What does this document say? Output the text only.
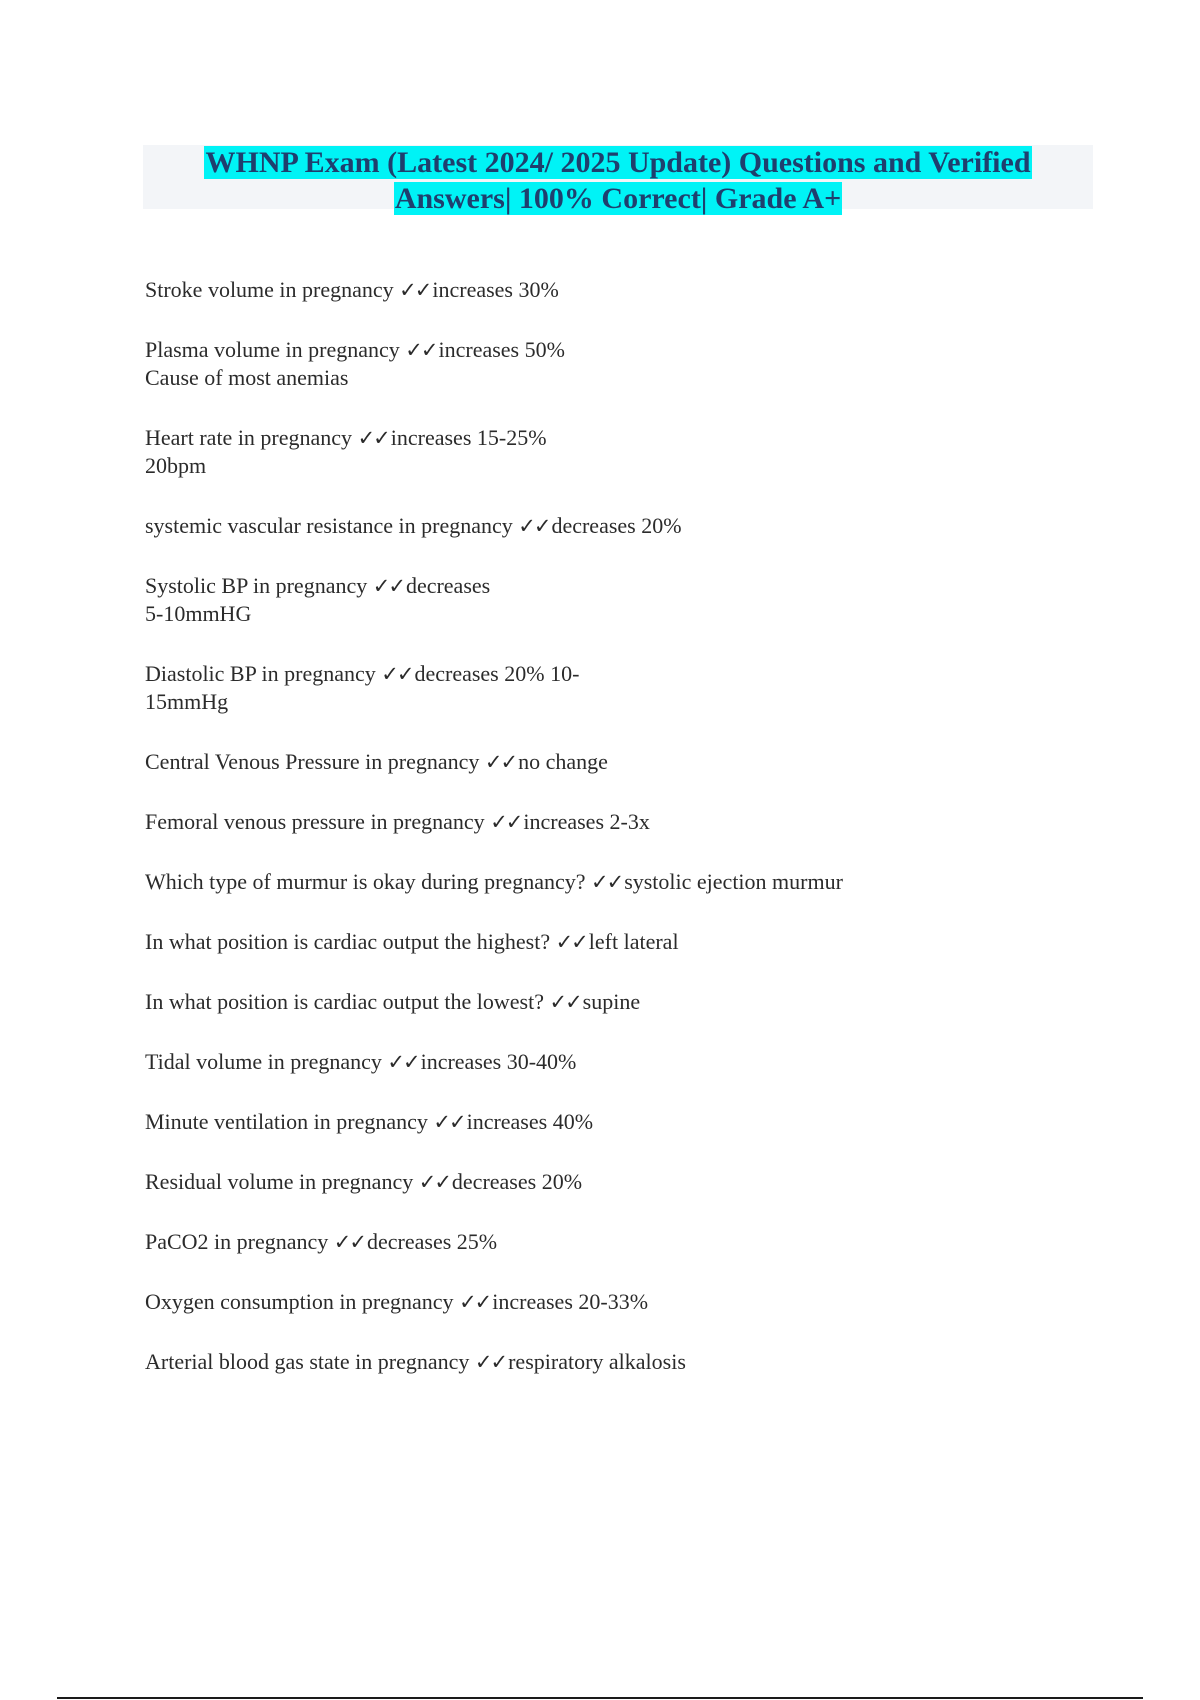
WHNP Exam (Latest 2024/ 2025 Update) Questions and Verified
Answers| 100% Correct| Grade A+
Stroke volume in pregnancy ✓✓increases 30%
Plasma volume in pregnancy ✓✓increases 50%
Cause of most anemias
Heart rate in pregnancy ✓✓increases 15-25%
20bpm
systemic vascular resistance in pregnancy ✓✓decreases 20%
Systolic BP in pregnancy ✓✓decreases
5-10mmHG
Diastolic BP in pregnancy ✓✓decreases 20% 10-
15mmHg
Central Venous Pressure in pregnancy ✓✓no change
Femoral venous pressure in pregnancy ✓✓increases 2-3x
Which type of murmur is okay during pregnancy? ✓✓systolic ejection murmur
In what position is cardiac output the highest? ✓✓left lateral
In what position is cardiac output the lowest? ✓✓supine
Tidal volume in pregnancy ✓✓increases 30-40%
Minute ventilation in pregnancy ✓✓increases 40%
Residual volume in pregnancy ✓✓decreases 20%
PaCO2 in pregnancy ✓✓decreases 25%
Oxygen consumption in pregnancy ✓✓increases 20-33%
Arterial blood gas state in pregnancy ✓✓respiratory alkalosis
